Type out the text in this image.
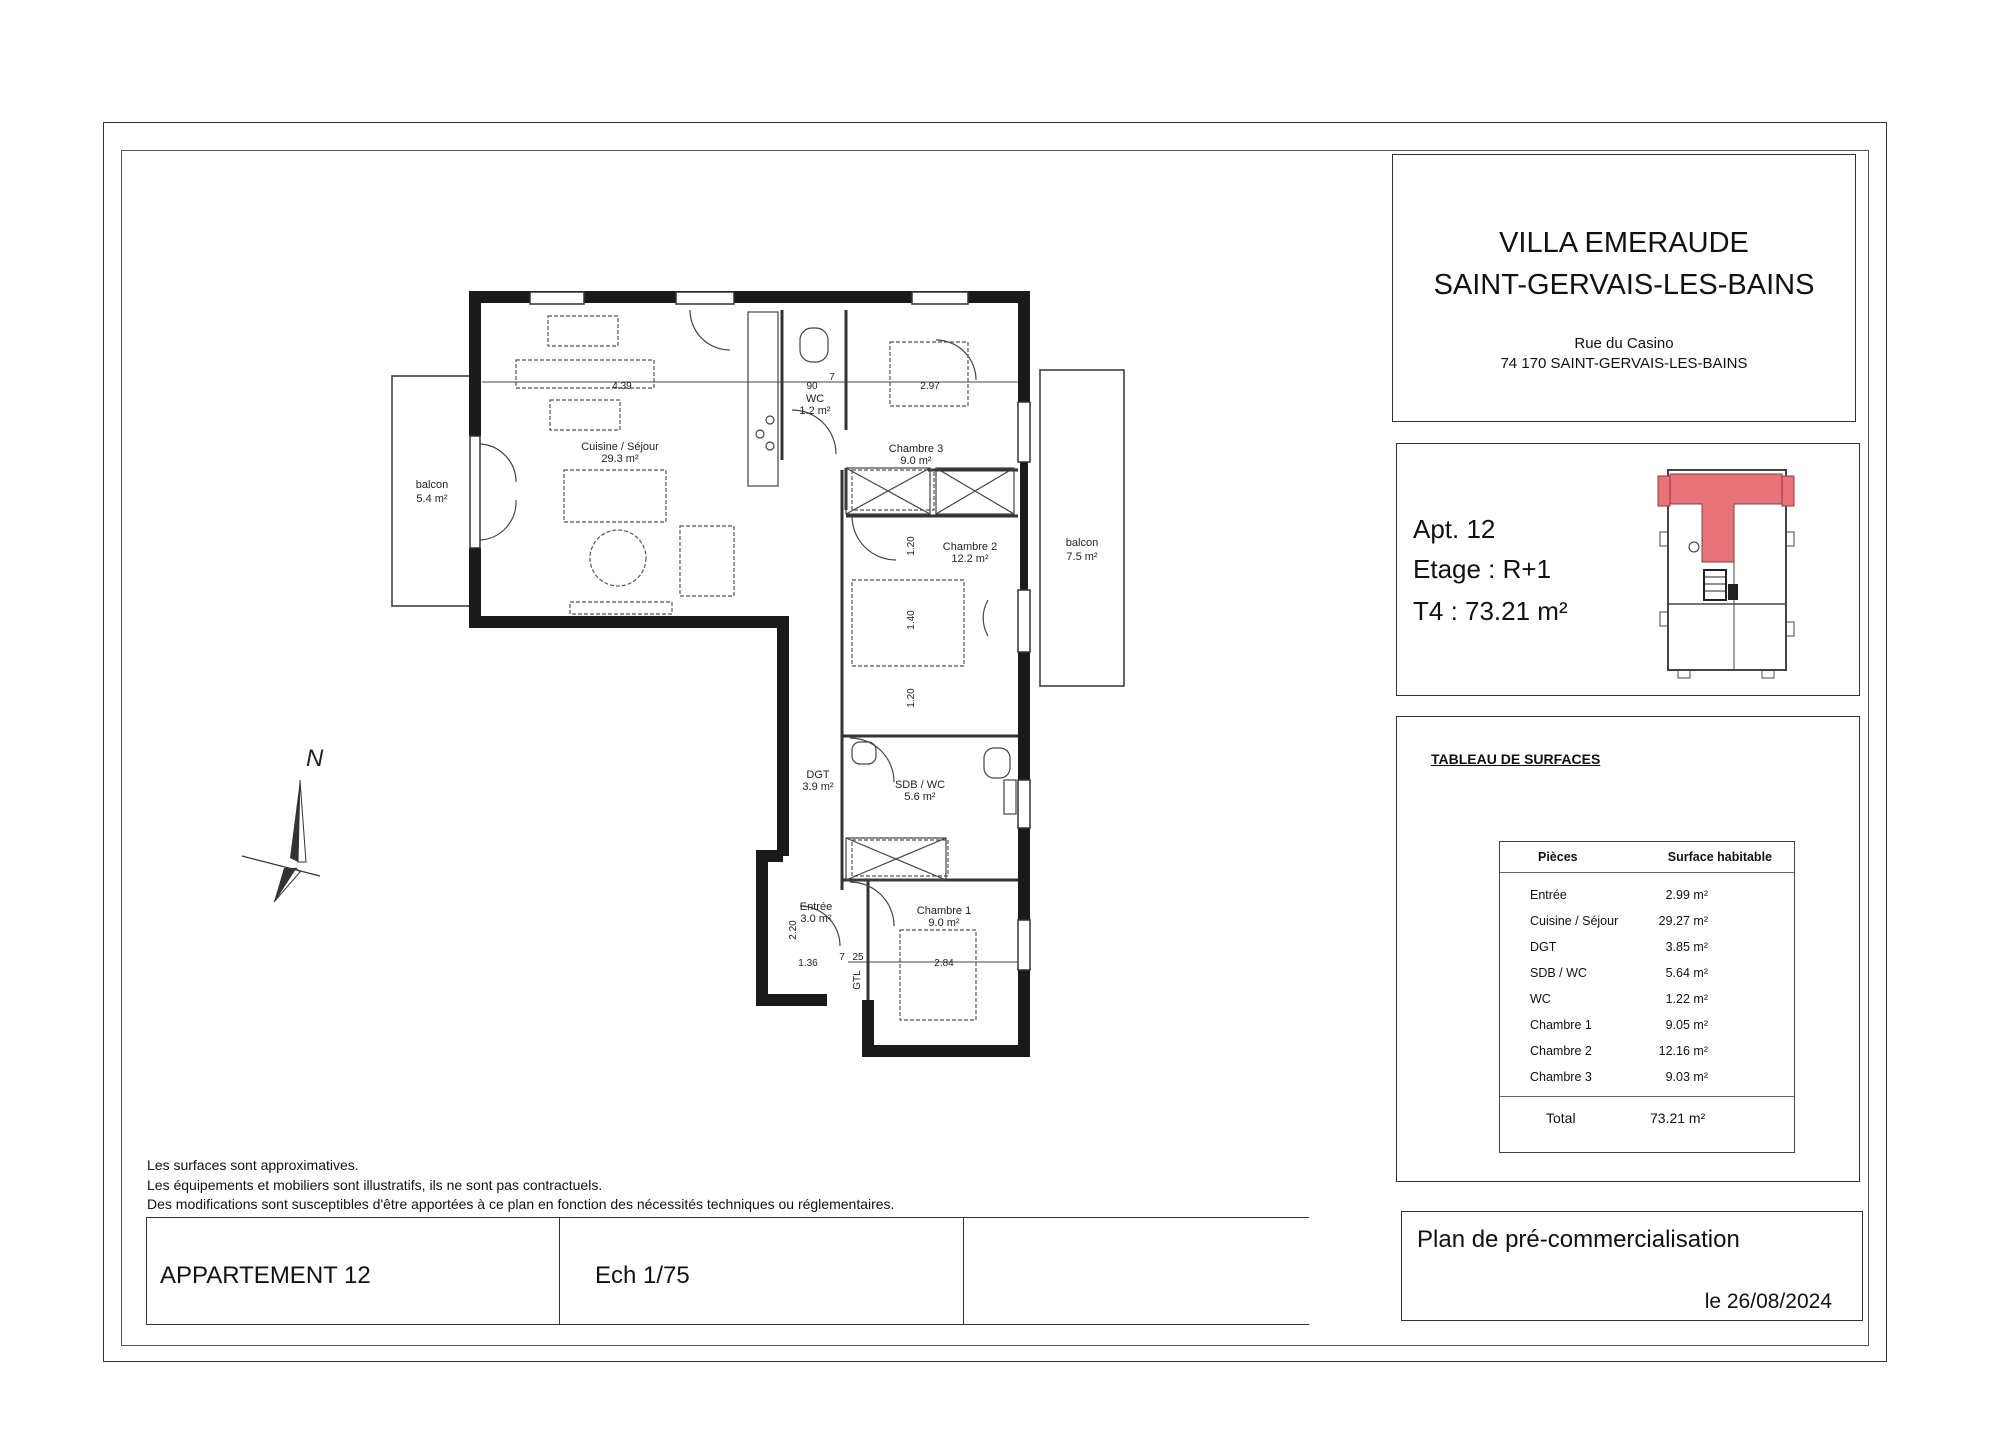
VILLA EMERAUDE
SAINT-GERVAIS-LES-BAINS
Rue du Casino
74 170 SAINT-GERVAIS-LES-BAINS
Apt. 12
Etage : R+1
T4 : 73.21 m²
TABLEAU DE SURFACES
Pièces	Surface habitable
Entrée	2.99 m²
Cuisine / Séjour	29.27 m²
DGT	3.85 m²
SDB / WC	5.64 m²
WC	1.22 m²
Chambre 1	9.05 m²
Chambre 2	12.16 m²
Chambre 3	9.03 m²
Total	73.21 m²
Les surfaces sont approximatives.
Les équipements et mobiliers sont illustratifs, ils ne sont pas contractuels.
Des modifications sont susceptibles d'être apportées à ce plan en fonction des nécessités techniques ou réglementaires.
APPARTEMENT 12	Ech 1/75
Plan de pré-commercialisation
le 26/08/2024
Cuisine / Séjour
29.3 m²
balcon
5.4 m²
balcon
7.5 m²
WC
1.2 m²
Chambre 3
9.0 m²
Chambre 2
12.2 m²
DGT
3.9 m²	SDB / WC
5.6 m²
Entrée
3.0 m²
Chambre 1
9.0 m²
4.39	90
7
2.97
2.84
1.36
7 25
GTL
1.20
1.40
1.20
2.20
N
